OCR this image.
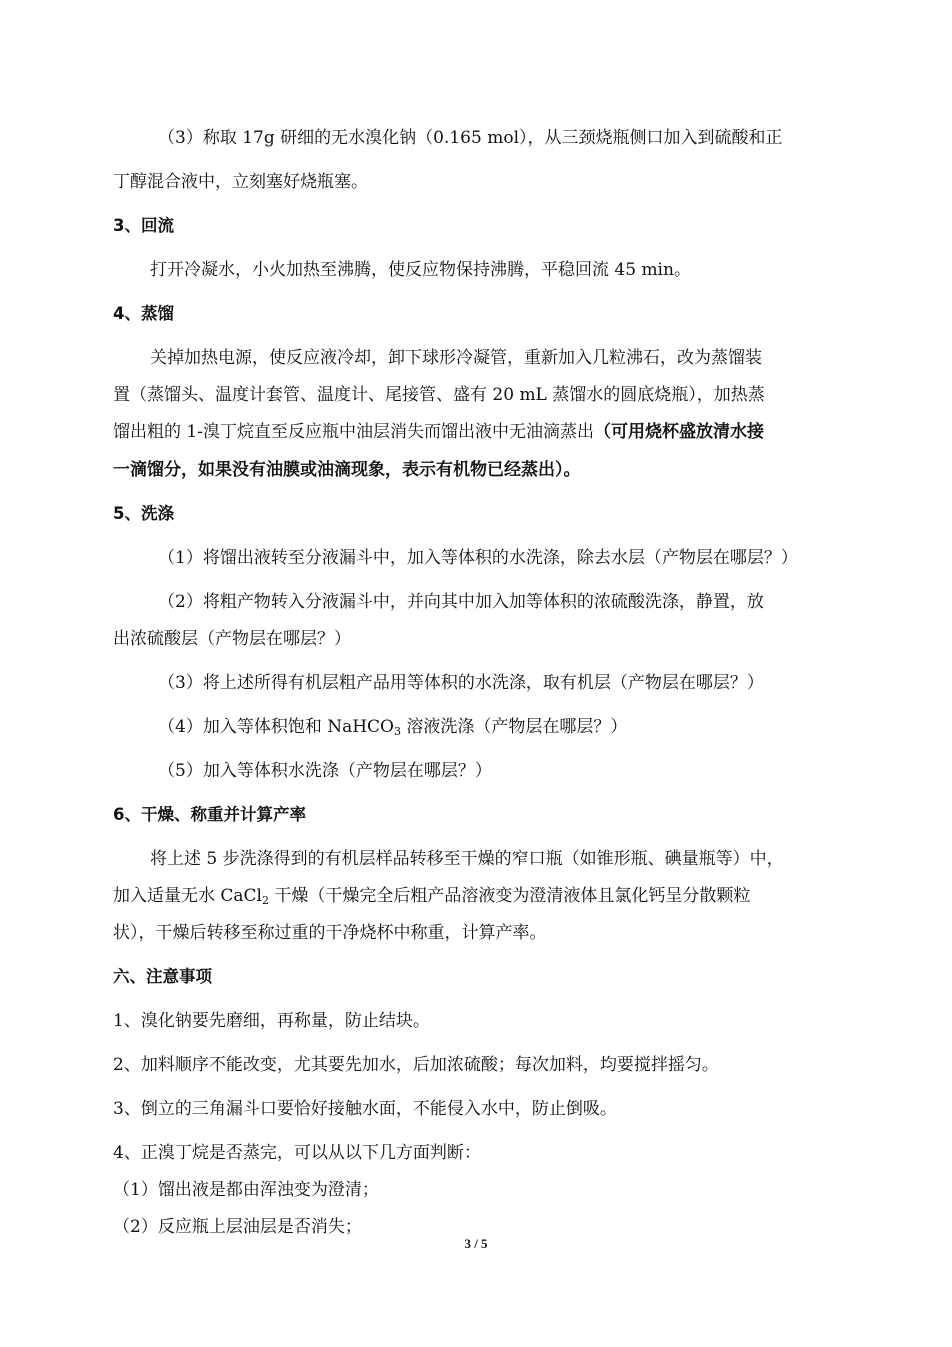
（3）称取 17g 研细的无水溴化钠（0.165 mol），从三颈烧瓶侧口加入到硫酸和正
丁醇混合液中，立刻塞好烧瓶塞。
3、回流
打开冷凝水，小火加热至沸腾，使反应物保持沸腾，平稳回流 45 min。
4、蒸馏
关掉加热电源，使反应液冷却，卸下球形冷凝管，重新加入几粒沸石，改为蒸馏装
置（蒸馏头、温度计套管、温度计、尾接管、盛有 20 mL 蒸馏水的圆底烧瓶），加热蒸
馏出粗的 1-溴丁烷直至反应瓶中油层消失而馏出液中无油滴蒸出（可用烧杯盛放清水接
一滴馏分，如果没有油膜或油滴现象，表示有机物已经蒸出）。
5、洗涤
（1）将馏出液转至分液漏斗中，加入等体积的水洗涤，除去水层（产物层在哪层？）
（2）将粗产物转入分液漏斗中，并向其中加入加等体积的浓硫酸洗涤，静置，放
出浓硫酸层（产物层在哪层？）
（3）将上述所得有机层粗产品用等体积的水洗涤，取有机层（产物层在哪层？）
（4）加入等体积饱和 NaHCO$_3$ 溶液洗涤（产物层在哪层？）
（5）加入等体积水洗涤（产物层在哪层？）
6、干燥、称重并计算产率
将上述 5 步洗涤得到的有机层样品转移至干燥的窄口瓶（如锥形瓶、碘量瓶等）中，
加入适量无水 CaCl$_2$ 干燥（干燥完全后粗产品溶液变为澄清液体且氯化钙呈分散颗粒
状），干燥后转移至称过重的干净烧杯中称重，计算产率。
六、注意事项
1、溴化钠要先磨细，再称量，防止结块。
2、加料顺序不能改变，尤其要先加水，后加浓硫酸；每次加料，均要搅拌摇匀。
3、倒立的三角漏斗口要恰好接触水面，不能侵入水中，防止倒吸。
4、正溴丁烷是否蒸完，可以从以下几方面判断：
（1）馏出液是都由浑浊变为澄清；
（2）反应瓶上层油层是否消失；
3 / 5
